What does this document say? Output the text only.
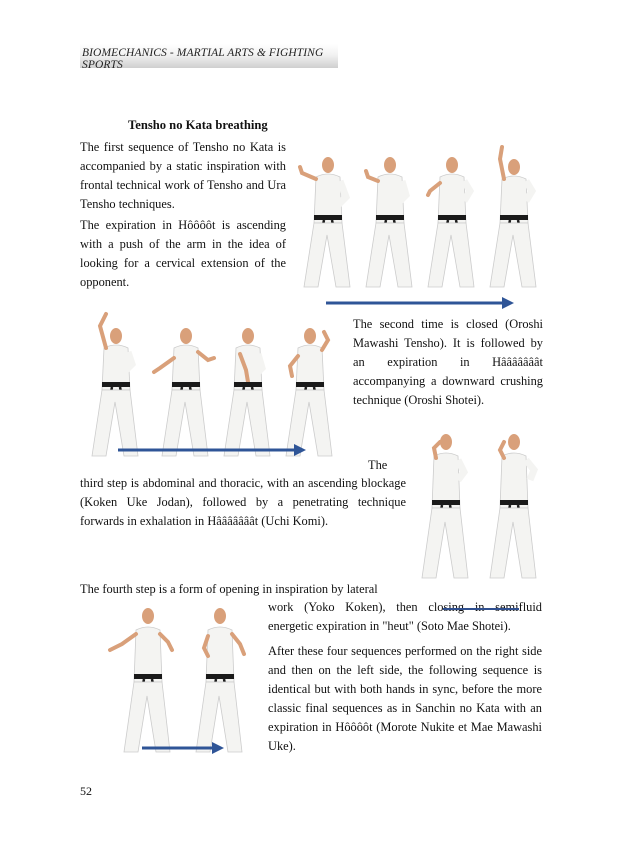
BIOMECHANICS - MARTIAL ARTS & FIGHTING SPORTS
Tensho no Kata breathing
The first sequence of Tensho no Kata is accompanied by a static inspiration with frontal technical work of Tensho and Ura Tensho techniques.
The expiration in Hôôôôt is ascending with a push of the arm in the idea of looking for a cervical extension of the opponent.
The second time is closed (Oroshi Mawashi Tensho). It is followed by an expiration in Hââââââât accompanying a downward crushing technique (Oroshi Shotei).
The
third step is abdominal and thoracic, with an ascending blockage (Koken Uke Jodan), followed by a penetrating technique forwards in exhalation in Hââââââât (Uchi Komi).
The fourth step is a form of opening in inspiration by lateral
work (Yoko Koken), then clo	fluid energetic expiration in "heut" (Soto Mae Shotei).
After these four sequences performed on the right side and then on the left side, the following sequence is identical but with both hands in sync, before the more classic final sequences as in Sanchin no Kata with an expiration in Hôôôôt (Morote Nukite et Mae Mawashi Uke).
52
